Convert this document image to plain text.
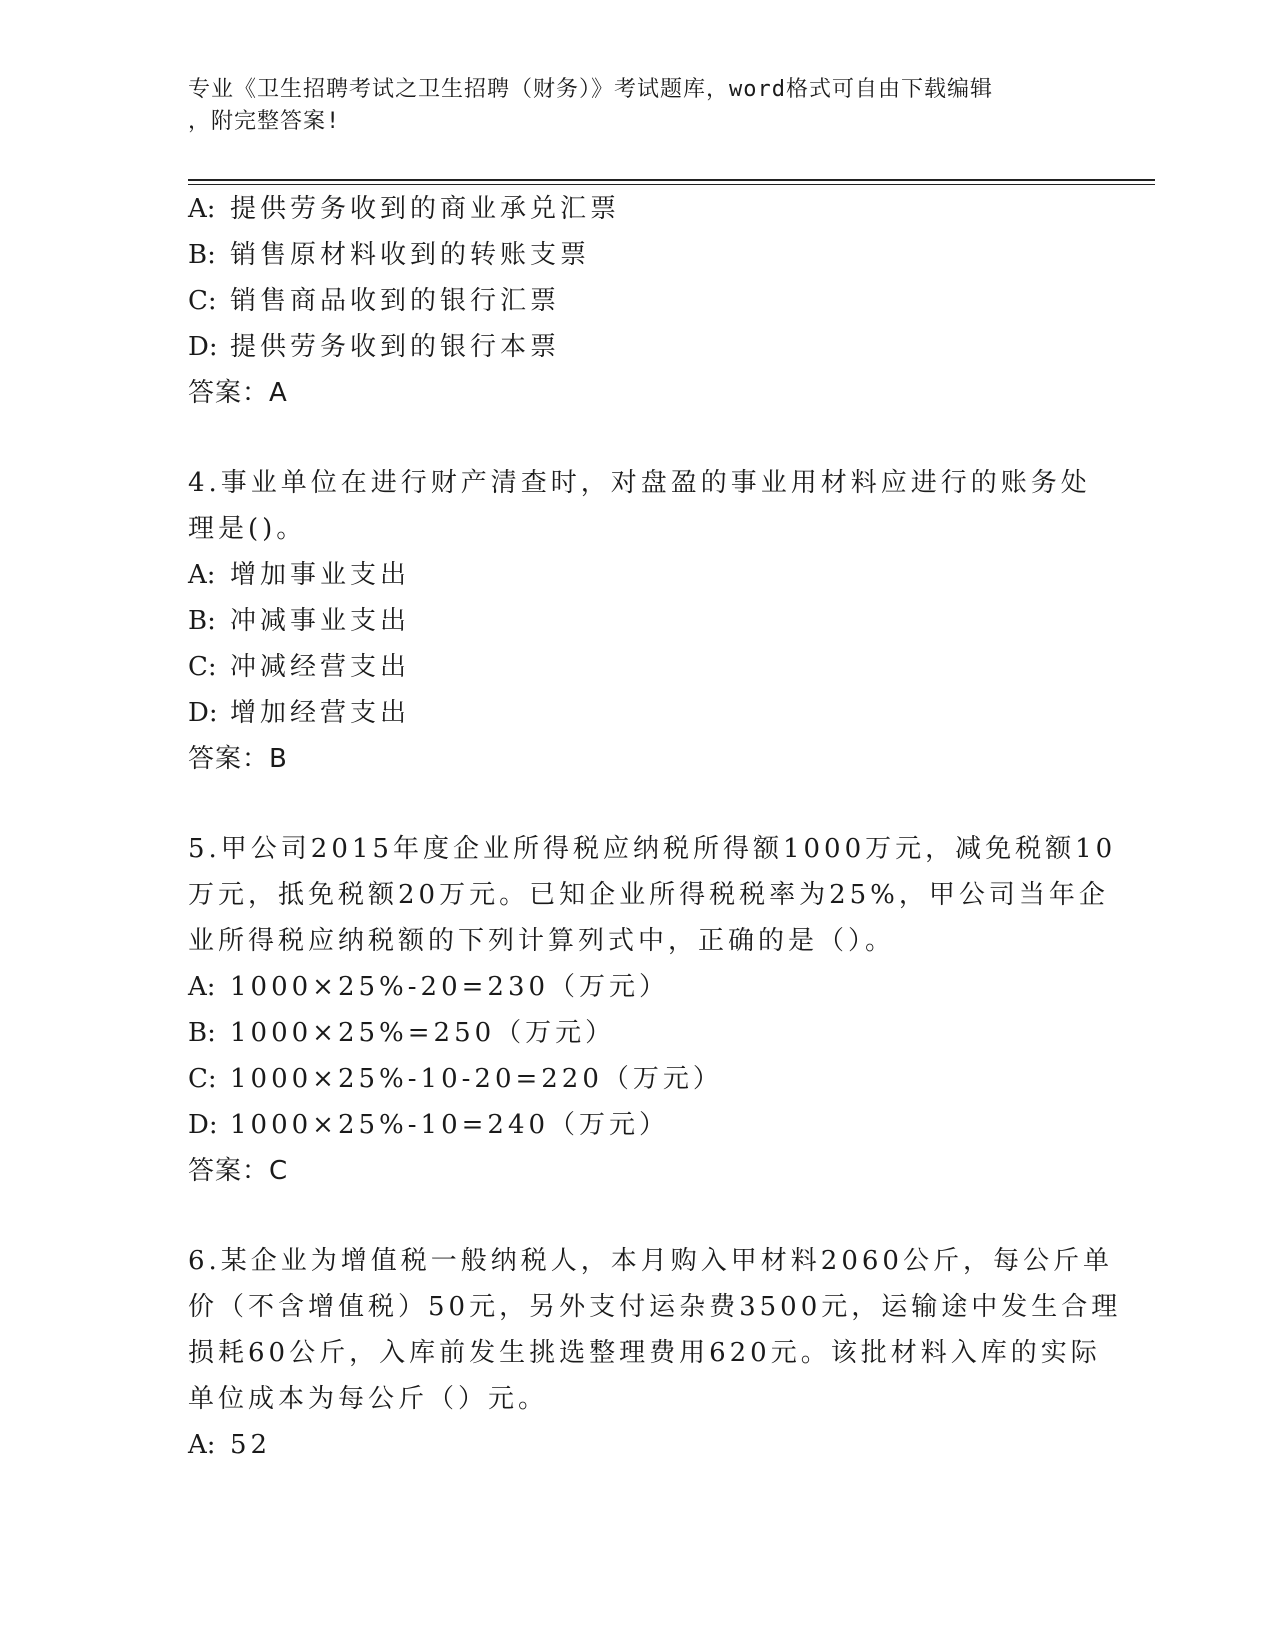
专业《卫生招聘考试之卫生招聘（财务）》考试题库，word格式可自由下载编辑
，附完整答案!
A: 提供劳务收到的商业承兑汇票
B: 销售原材料收到的转账支票
C: 销售商品收到的银行汇票
D: 提供劳务收到的银行本票
答案：A
4.事业单位在进行财产清查时，对盘盈的事业用材料应进行的账务处
理是()。
A: 增加事业支出
B: 冲减事业支出
C: 冲减经营支出
D: 增加经营支出
答案：B
5.甲公司2015年度企业所得税应纳税所得额1000万元，减免税额10
万元，抵免税额20万元。已知企业所得税税率为25%，甲公司当年企
业所得税应纳税额的下列计算列式中，正确的是（）。
A: 1000×25%-20=230（万元）
B: 1000×25%=250（万元）
C: 1000×25%-10-20=220（万元）
D: 1000×25%-10=240（万元）
答案：C
6.某企业为增值税一般纳税人，本月购入甲材料2060公斤，每公斤单
价（不含增值税）50元，另外支付运杂费3500元，运输途中发生合理
损耗60公斤，入库前发生挑选整理费用620元。该批材料入库的实际
单位成本为每公斤（）元。
A: 52
